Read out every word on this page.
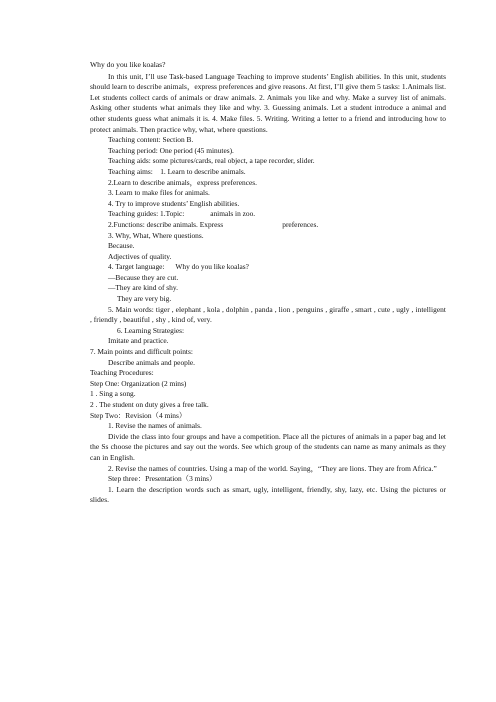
Why do you like koalas?

In this unit, I’ll use Task-based Language Teaching to improve students’ English abilities. In this unit, students should learn to describe animals，express preferences and give reasons. At first, I’ll give them 5 tasks: 1.Animals list. Let students collect cards of animals or draw animals. 2. Animals you like and why. Make a survey list of animals. Asking other students what animals they like and why. 3. Guessing animals. Let a student introduce a animal and other students guess what animals it is. 4. Make files. 5. Writing. Writing a letter to a friend and introducing how to protect animals. Then practice why, what, where questions.

Teaching content: Section B.

Teaching period: One period (45 minutes).

Teaching aids: some pictures/cards, real object, a tape recorder, slider.

Teaching aims:    1. Learn to describe animals.

2.Learn to describe animals，express preferences.

3. Learn to make files for animals.

4. Try to improve students’ English abilities.

Teaching guides: 1.Topic:              animals in zoo.

2.Functions: describe animals. Express                                preferences.

3. Why, What, Where questions.

Because.

Adjectives of quality.

4. Target language:      Why do you like koalas?

—Because they are cut.

—They are kind of shy.

They are very big.

5. Main words: tiger , elephant , kola , dolphin , panda , lion , penguins , giraffe , smart , cute , ugly , intelligent , friendly , beautiful , shy , kind of, very.

6. Learning Strategies:

Imitate and practice.

7. Main points and difficult points:

Describe animals and people.

Teaching Procedures:

Step One: Organization (2 mins)

1 . Sing a song.

2 . The student on duty gives a free talk.

Step Two：Revision（4 mins）

1. Revise the names of animals.

Divide the class into four groups and have a competition. Place all the pictures of animals in a paper bag and let the Ss choose the pictures and say out the words. See which group of the students can name as many animals as they can in English.

2. Revise the names of countries. Using a map of the world. Saying，“They are lions. They are from Africa.”

Step three：Presentation（3 mins）

1. Learn the description words such as smart, ugly, intelligent, friendly, shy, lazy, etc. Using the pictures or slides.
